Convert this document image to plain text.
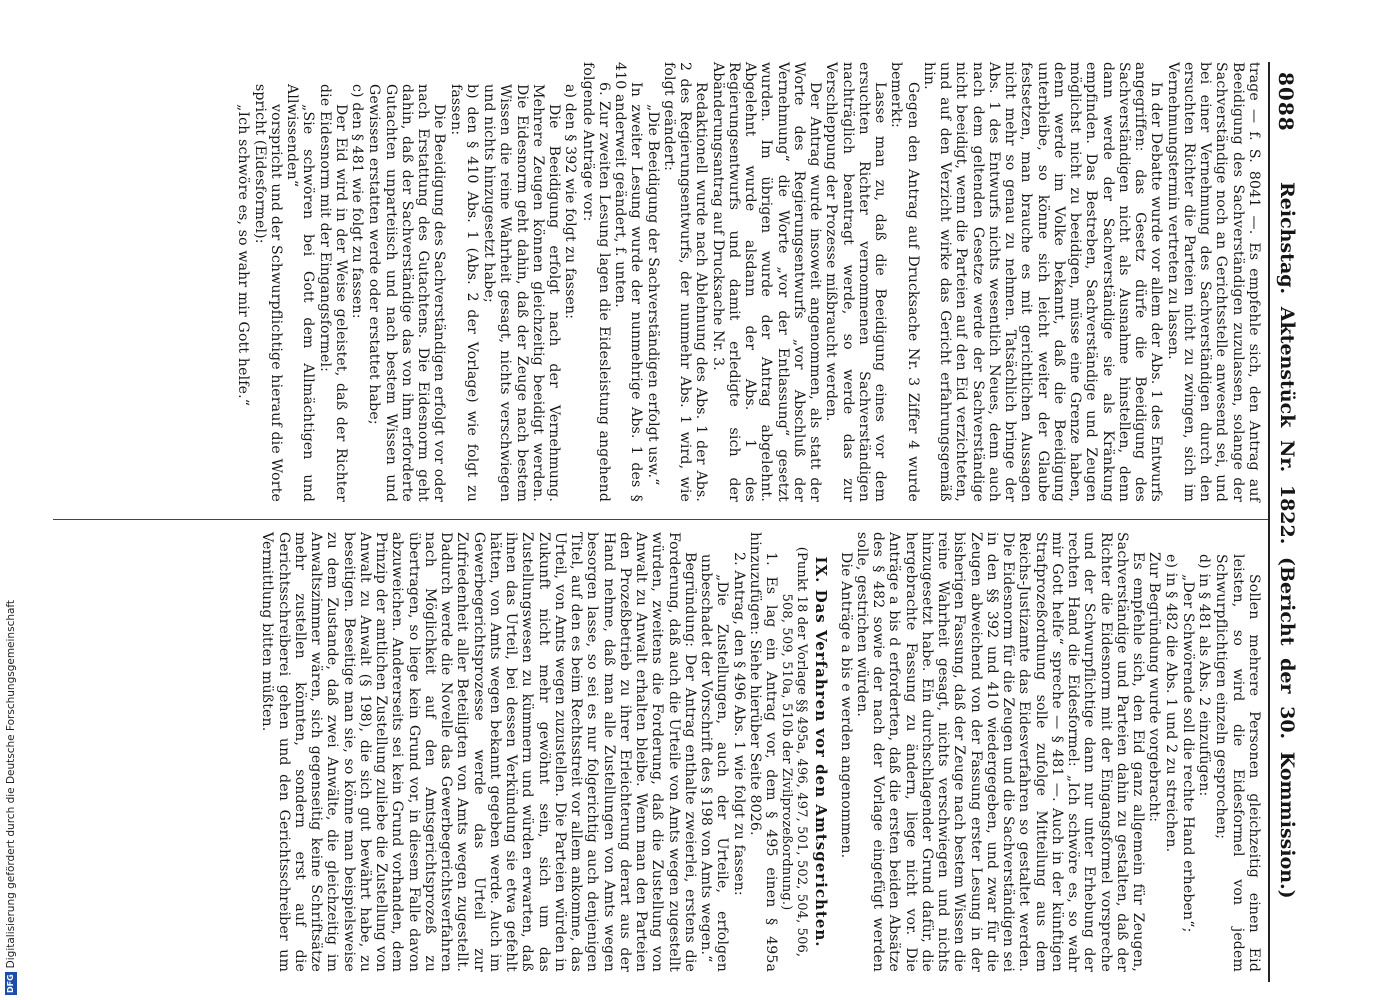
8088
Reichstag. Aktenstück Nr. 1822. (Bericht der 30. Kommission.)

trage — f. S. 8041 —. Es empfehle sich, den Antrag auf Beeidigung des Sachverständigen zuzulassen, solange der Sachverständige noch an Gerichtsstelle anwesend sei, und bei einer Vernehmung des Sachverständigen durch den ersuchten Richter die Parteien nicht zu zwingen, sich im Vernehmungstermin vertreten zu lassen.

In der Debatte wurde vor allem der Abs. 1 des Entwurfs angegriffen: das Gesetz dürfe die Beeidigung des Sachverständigen nicht als Ausnahme hinstellen, denn dann werde der Sachverständige sie als Kränkung empfinden. Das Bestreben, Sachverständige und Zeugen möglichst nicht zu beeidigen, müsse eine Grenze haben, denn werde im Volke bekannt, daß die Beeidigung unterbleibe, so könne sich leicht weiter der Glaube festsetzen, man brauche es mit gerichtlichen Aussagen nicht mehr so genau zu nehmen. Tatsächlich bringe der Abs. 1 des Entwurfs nichts wesentlich Neues, denn auch nach dem geltenden Gesetze werde der Sachverständige nicht beeidigt, wenn die Parteien auf den Eid verzichteten, und auf den Verzicht wirke das Gericht erfahrungsgemäß hin.

Gegen den Antrag auf Drucksache Nr. 3 Ziffer 4 wurde bemerkt:

Lasse man zu, daß die Beeidigung eines vor dem ersuchten Richter vernommenen Sachverständigen nachträglich beantragt werde, so werde das zur Verschleppung der Prozesse mißbraucht werden.

Der Antrag wurde insoweit angenommen, als statt der Worte des Regierungsentwurfs „vor Abschluß der Vernehmung“ die Worte „vor der Entlassung“ gesetzt wurden. Im übrigen wurde der Antrag abgelehnt. Abgelehnt wurde alsdann der Abs. 1 des Regierungsentwurfs und damit erledigte sich der Abänderungsantrag auf Drucksache Nr. 3.

Redaktionell wurde nach Ablehnung des Abs. 1 der Abs. 2 des Regierungsentwurfs, der nunmehr Abs. 1 wird, wie folgt geändert:

„Die Beeidigung der Sachverständigen erfolgt usw.“

In zweiter Lesung wurde der nunmehrige Abs. 1 des § 410 anderweit geändert, f. unten.

6. Zur zweiten Lesung lagen die Eidesleistung angehend folgende Anträge vor:

a) den § 392 wie folgt zu fassen:

Die Beeidigung erfolgt nach der Vernehmung. Mehrere Zeugen können gleichzeitig beeidigt werden. Die Eidesnorm geht dahin, daß der Zeuge nach bestem Wissen die reine Wahrheit gesagt, nichts verschwiegen und nichts hinzugesetzt habe;

b) den § 410 Abs. 1 (Abs. 2 der Vorlage) wie folgt zu fassen:

Die Beeidigung des Sachverständigen erfolgt vor oder nach Erstattung des Gutachtens. Die Eidesnorm geht dahin, daß der Sachverständige das von ihm erforderte Gutachten unparteiisch und nach bestem Wissen und Gewissen erstatten werde oder erstattet habe;

c) den § 481 wie folgt zu fassen:

Der Eid wird in der Weise geleistet, daß der Richter die Eidesnorm mit der Eingangsformel:

„Sie schwören bei Gott dem Allmächtigen und Allwissenden“

vorspricht und der Schwurpflichtige hierauf die Worte spricht (Eidesformel):

„Ich schwöre es, so wahr mir Gott helfe.“

Sollen mehrere Personen gleichzeitig einen Eid leisten, so wird die Eidesformel von jedem Schwurpflichtigen einzeln gesprochen;

d) in § 481 als Abs. 2 einzufügen:

„Der Schwörende soll die rechte Hand erheben“;

e) in § 482 die Abs. 1 und 2 zu streichen.

Zur Begründung wurde vorgebracht:

Es empfehle sich, den Eid ganz allgemein für Zeugen, Sachverständige und Parteien dahin zu gestalten, daß der Richter die Eidesnorm mit der Eingangsformel vorspreche und der Schwurpflichtige dann nur unter Erhebung der rechten Hand die Eidesformel: „Ich schwöre es, so wahr mir Gott helfe“ spreche — § 481 —. Auch in der künftigen Strafprozeßordnung solle zufolge Mitteilung aus dem Reichs-Justizamte das Eidesverfahren so gestaltet werden. Die Eidesnorm für die Zeugen und die Sachverständigen sei in den §§ 392 und 410 wiedergegeben, und zwar für die Zeugen abweichend von der Fassung erster Lesung in der bisherigen Fassung, daß der Zeuge nach bestem Wissen die reine Wahrheit gesagt, nichts verschwiegen und nichts hinzugesetzt habe. Ein durchschlagender Grund dafür, die hergebrachte Fassung zu ändern, liege nicht vor. Die Anträge a bis d erforderten, daß die ersten beiden Absätze des § 482 sowie der nach der Vorlage eingefügt werden solle, gestrichen würden.

Die Anträge a bis e werden angenommen.

IX. Das Verfahren vor den Amtsgerichten.

(Punkt 18 der Vorlage §§ 495a, 496, 497, 501, 502, 504, 506, 508, 509, 510a, 510b der Zivilprozeßordnung.)

1. Es lag ein Antrag vor, dem § 495 einen § 495a hinzuzufügen: Siehe hierüber Seite 8026.

2. Antrag, den § 496 Abs. 1 wie folgt zu fassen:

„Die Zustellungen, auch der Urteile, erfolgen unbeschadet der Vorschrift des § 198 von Amts wegen.“

Begründung: Der Antrag enthalte zweierlei, erstens die Forderung, daß auch die Urteile von Amts wegen zugestellt würden, zweitens die Forderung, daß die Zustellung von Anwalt zu Anwalt erhalten bleibe. Wenn man den Parteien den Prozeßbetrieb zu ihrer Erleichterung derart aus der Hand nehme, daß man alle Zustellungen von Amts wegen besorgen lasse, so sei es nur folgerichtig auch denjenigen Titel, auf den es beim Rechtsstreit vor allem ankomme, das Urteil, von Amts wegen zuzustellen. Die Parteien würden in Zukunft nicht mehr gewöhnt sein, sich um das Zustellungswesen zu kümmern und würden erwarten, daß ihnen das Urteil, bei dessen Verkündung sie etwa gefehlt hätten, von Amts wegen bekannt gegeben werde. Auch im Gewerbegerichtsprozesse werde das Urteil zur Zufriedenheit aller Beteiligten von Amts wegen zugestellt. Dadurch werde die Novelle das Gewerbegerichtsverfahren nach Möglichkeit auf den Amtsgerichtsprozeß zu übertragen, so liege kein Grund vor, in diesem Falle davon abzuweichen. Andererseits sei kein Grund vorhanden, dem Prinzip der amtlichen Zustellung zuliebe die Zustellung von Anwalt zu Anwalt (§ 198), die sich gut bewährt habe, zu beseitigen. Beseitige man sie, so könne man beispielsweise zu dem Zustande, daß zwei Anwälte, die gleichzeitig im Anwaltszimmer wären, sich gegenseitig keine Schriftsätze mehr zustellen könnten, sondern erst auf die Gerichtsschreiberei gehen und den Gerichtsschreiber um Vermittlung bitten müßten.

DFGDigitalisierung gefördert durch die Deutsche Forschungsgemeinschaft
